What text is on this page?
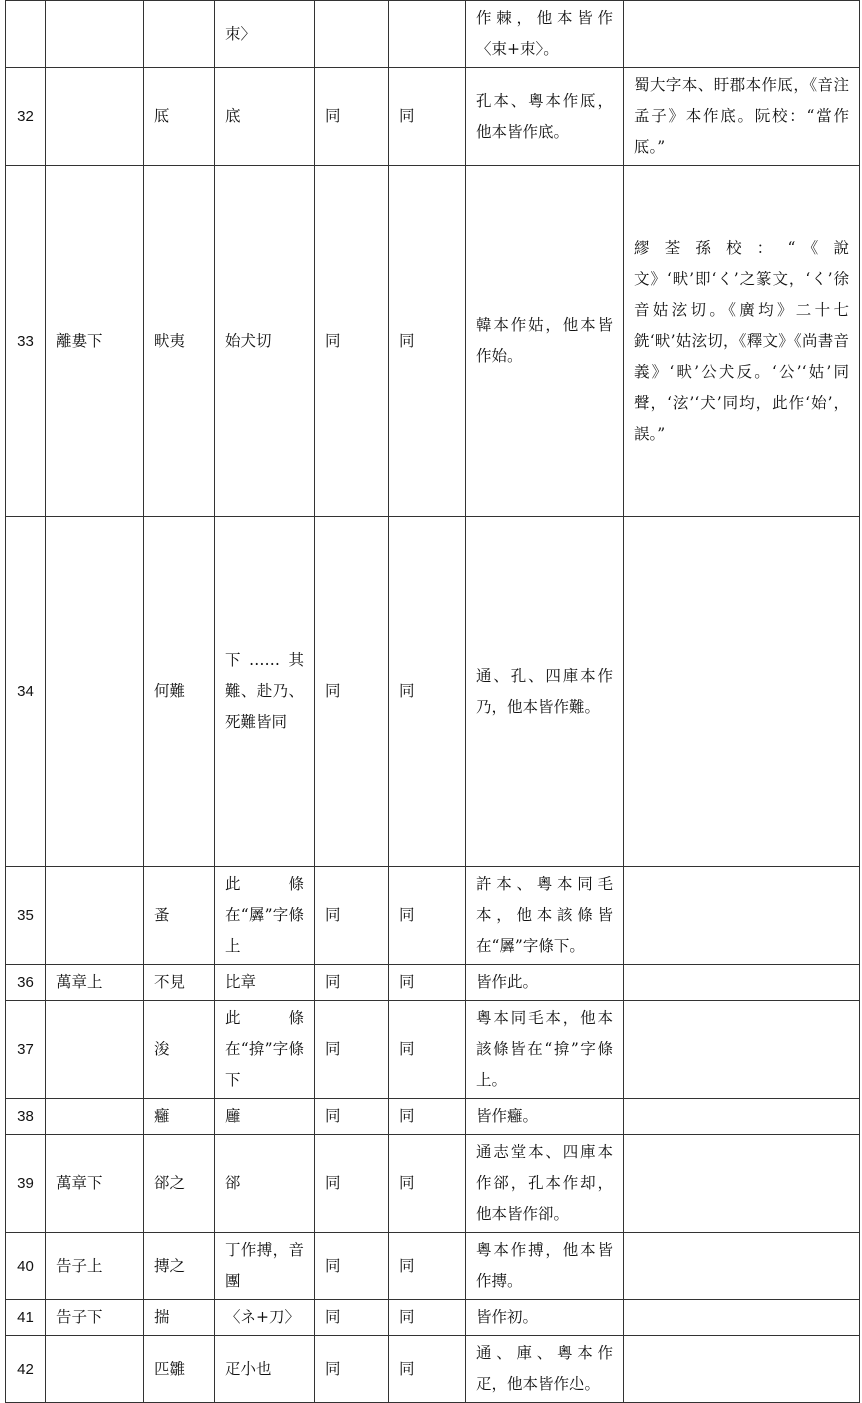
			朿〉			作棘，他本皆作〈束+朿〉。	
32		厎	底	同	同	孔本、粵本作厎，他本皆作底。	蜀大字本、盱郡本作厎，《音注孟子》本作底。阮校：“當作厎。”
33	離婁下	畎夷	始犬切	同	同	韓本作姑，他本皆作始。	繆荃孫校：“《說文》‘畎’即‘く’之篆文，‘く’徐音姑泫切。《廣均》二十七銑‘畎’姑泫切，《釋文》《尚書音義》‘畎’公犬反。‘公’‘姑’同聲，‘泫’‘犬’同均，此作‘始’，誤。”
34		何難	下……其難、赴乃、死難皆同	同	同	通、孔、四庫本作乃，他本皆作難。	
35		蚤	此條在“羼”字條上	同	同	許本、粵本同毛本，他本該條皆在“羼”字條下。	
36	萬章上	不見	比章	同	同	皆作此。	
37		浚	此條在“揜”字條下	同	同	粵本同毛本，他本該條皆在“揜”字條上。	
38		癰	廱	同	同	皆作癰。	
39	萬章下	郤之	郤	同	同	通志堂本、四庫本作郤，孔本作却，他本皆作卻。	
40	告子上	摶之	丁作搏，音團	同	同	粵本作搏，他本皆作摶。	
41	告子下	揣	〈ネ+刀〉	同	同	皆作初。	
42		匹雛	疋小也	同	同	通、庫、粵本作疋，他本皆作尐。	
